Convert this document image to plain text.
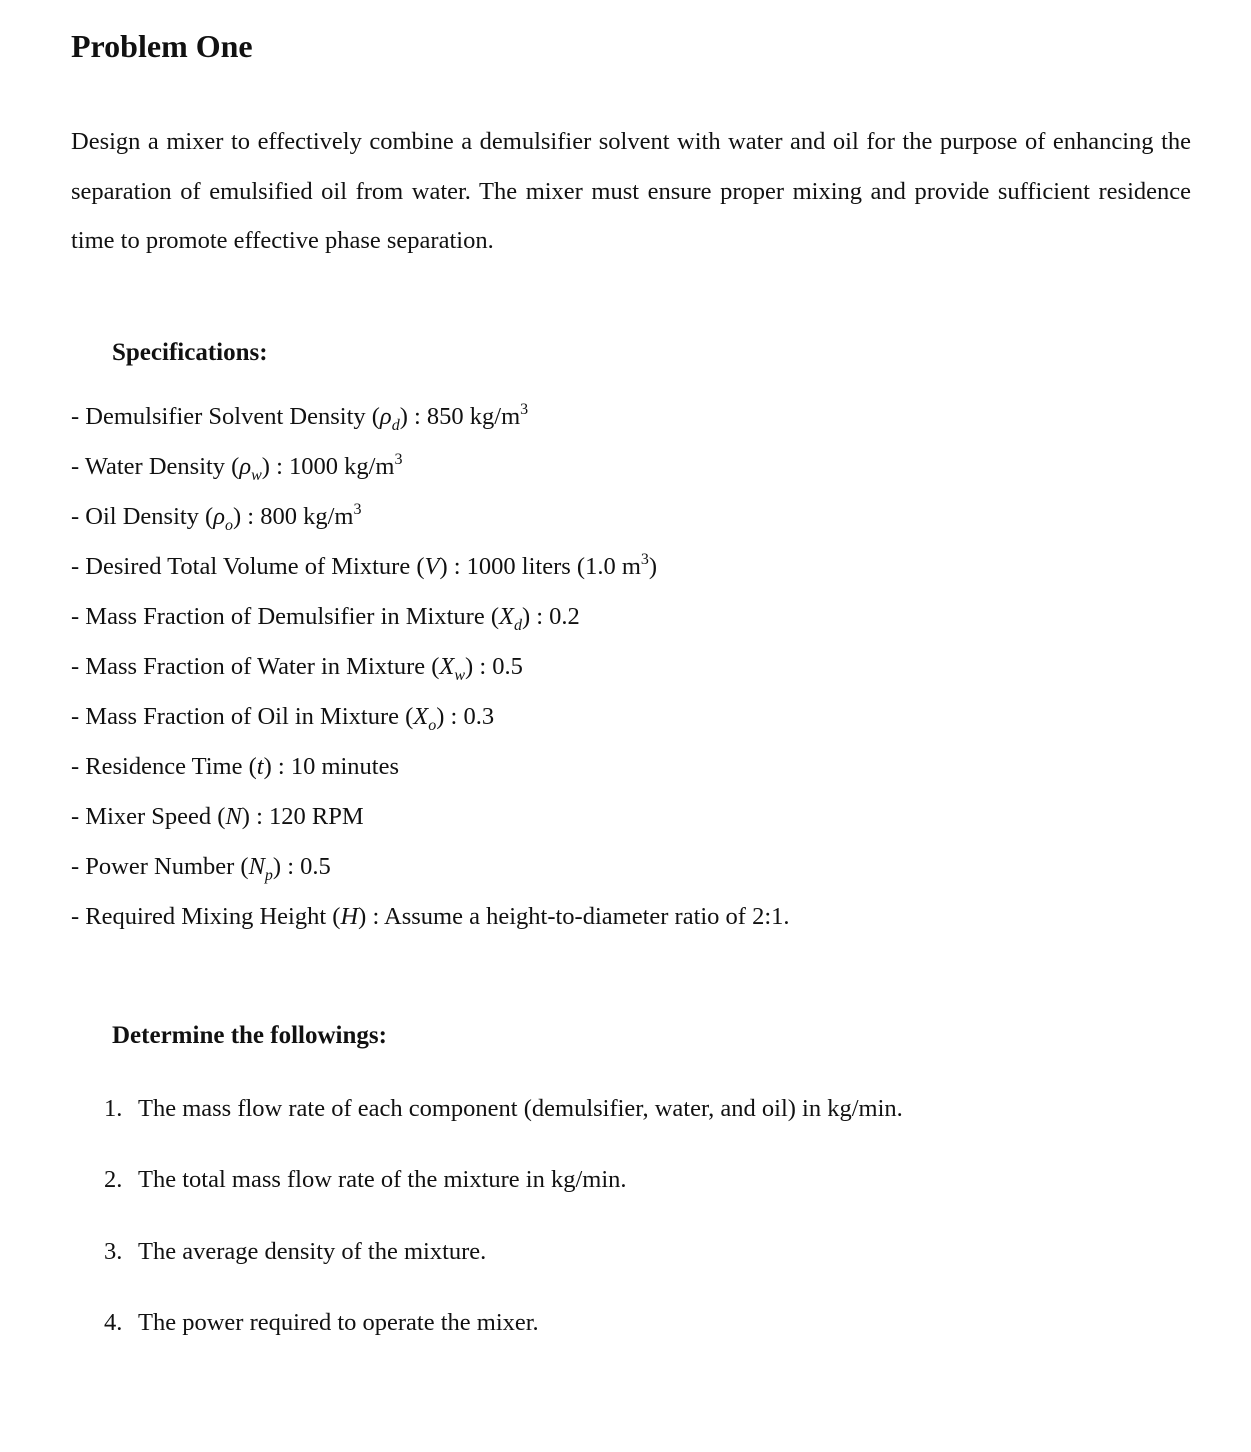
Problem One

Design a mixer to effectively combine a demulsifier solvent with water and oil for the purpose of enhancing the separation of emulsified oil from water. The mixer must ensure proper mixing and provide sufficient residence time to promote effective phase separation.

Specifications:
- Demulsifier Solvent Density $(\rho_d)$ : 850 $kg/m^3$
- Water Density $(\rho_w)$ : 1000 $kg/m^3$
- Oil Density $(\rho_o)$ : 800 $kg/m^3$
- Desired Total Volume of Mixture (V) : 1000 liters (1.0 $m^3$)
- Mass Fraction of Demulsifier in Mixture $(X_d)$ : 0.2
- Mass Fraction of Water in Mixture $(X_w)$ : 0.5
- Mass Fraction of Oil in Mixture $(X_o)$ : 0.3
- Residence Time (t) : 10 minutes
- Mixer Speed (N) : 120 RPM
- Power Number $(N_p)$ : 0.5
- Required Mixing Height (H) : Assume a height-to-diameter ratio of 2:1.
Determine the followings:
1. The mass flow rate of each component (demulsifier, water, and oil) in kg/min.
2. The total mass flow rate of the mixture in kg/min.
3. The average density of the mixture.
4. The power required to operate the mixer.
